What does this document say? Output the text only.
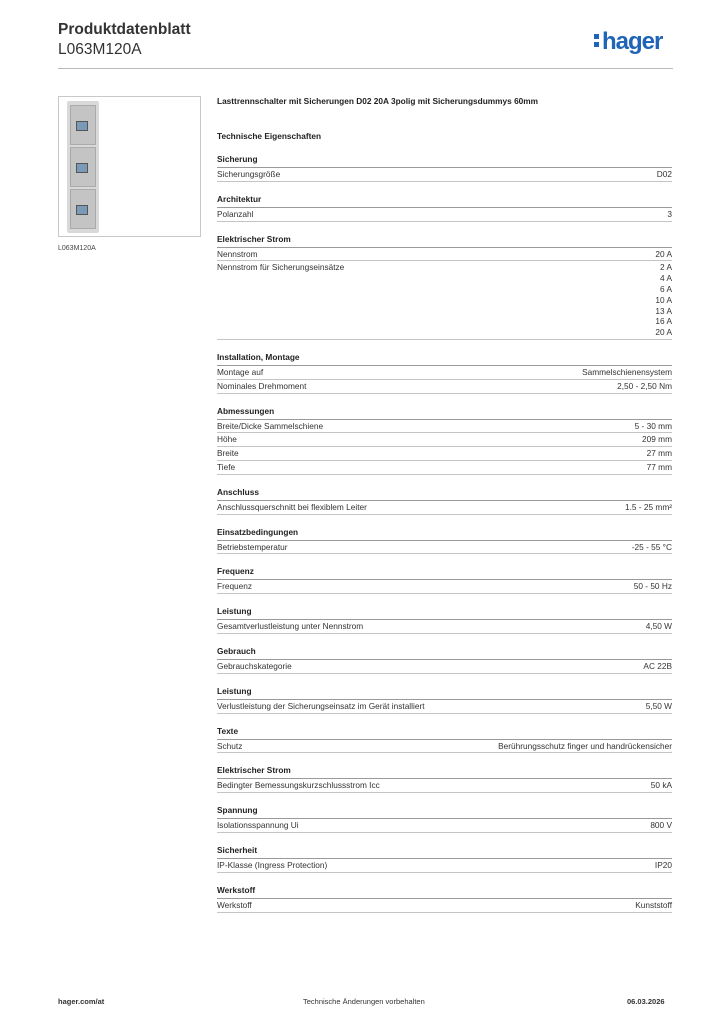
Produktdatenblatt
L063M120A	hager
L063M120A
Lasttrennschalter mit Sicherungen D02 20A 3polig mit Sicherungsdummys 60mm
Technische Eigenschaften
Sicherung
Sicherungsgröße	D02
Architektur
Polanzahl	3
Elektrischer Strom
Nennstrom	20 A
Nennstrom für Sicherungseinsätze	2 A
4 A
6 A
10 A
13 A
16 A
20 A
Installation, Montage
Montage auf	Sammelschienensystem
Nominales Drehmoment	2,50 - 2,50 Nm
Abmessungen
Breite/Dicke Sammelschiene	5 - 30 mm
Höhe	209 mm
Breite	27 mm
Tiefe	77 mm
Anschluss
Anschlussquerschnitt bei flexiblem Leiter	1.5 - 25 mm²
Einsatzbedingungen
Betriebstemperatur	-25 - 55 °C
Frequenz
Frequenz	50 - 50 Hz
Leistung
Gesamtverlustleistung unter Nennstrom	4,50 W
Gebrauch
Gebrauchskategorie	AC 22B
Leistung
Verlustleistung der Sicherungseinsatz im Gerät installiert	5,50 W
Texte
Schutz	Berührungsschutz finger und handrückensicher
Elektrischer Strom
Bedingter Bemessungskurzschlussstrom Icc	50 kA
Spannung
Isolationsspannung Ui	800 V
Sicherheit
IP-Klasse (Ingress Protection)	IP20
Werkstoff
Werkstoff	Kunststoff
hager.com/at	Technische Änderungen vorbehalten	06.03.2026
